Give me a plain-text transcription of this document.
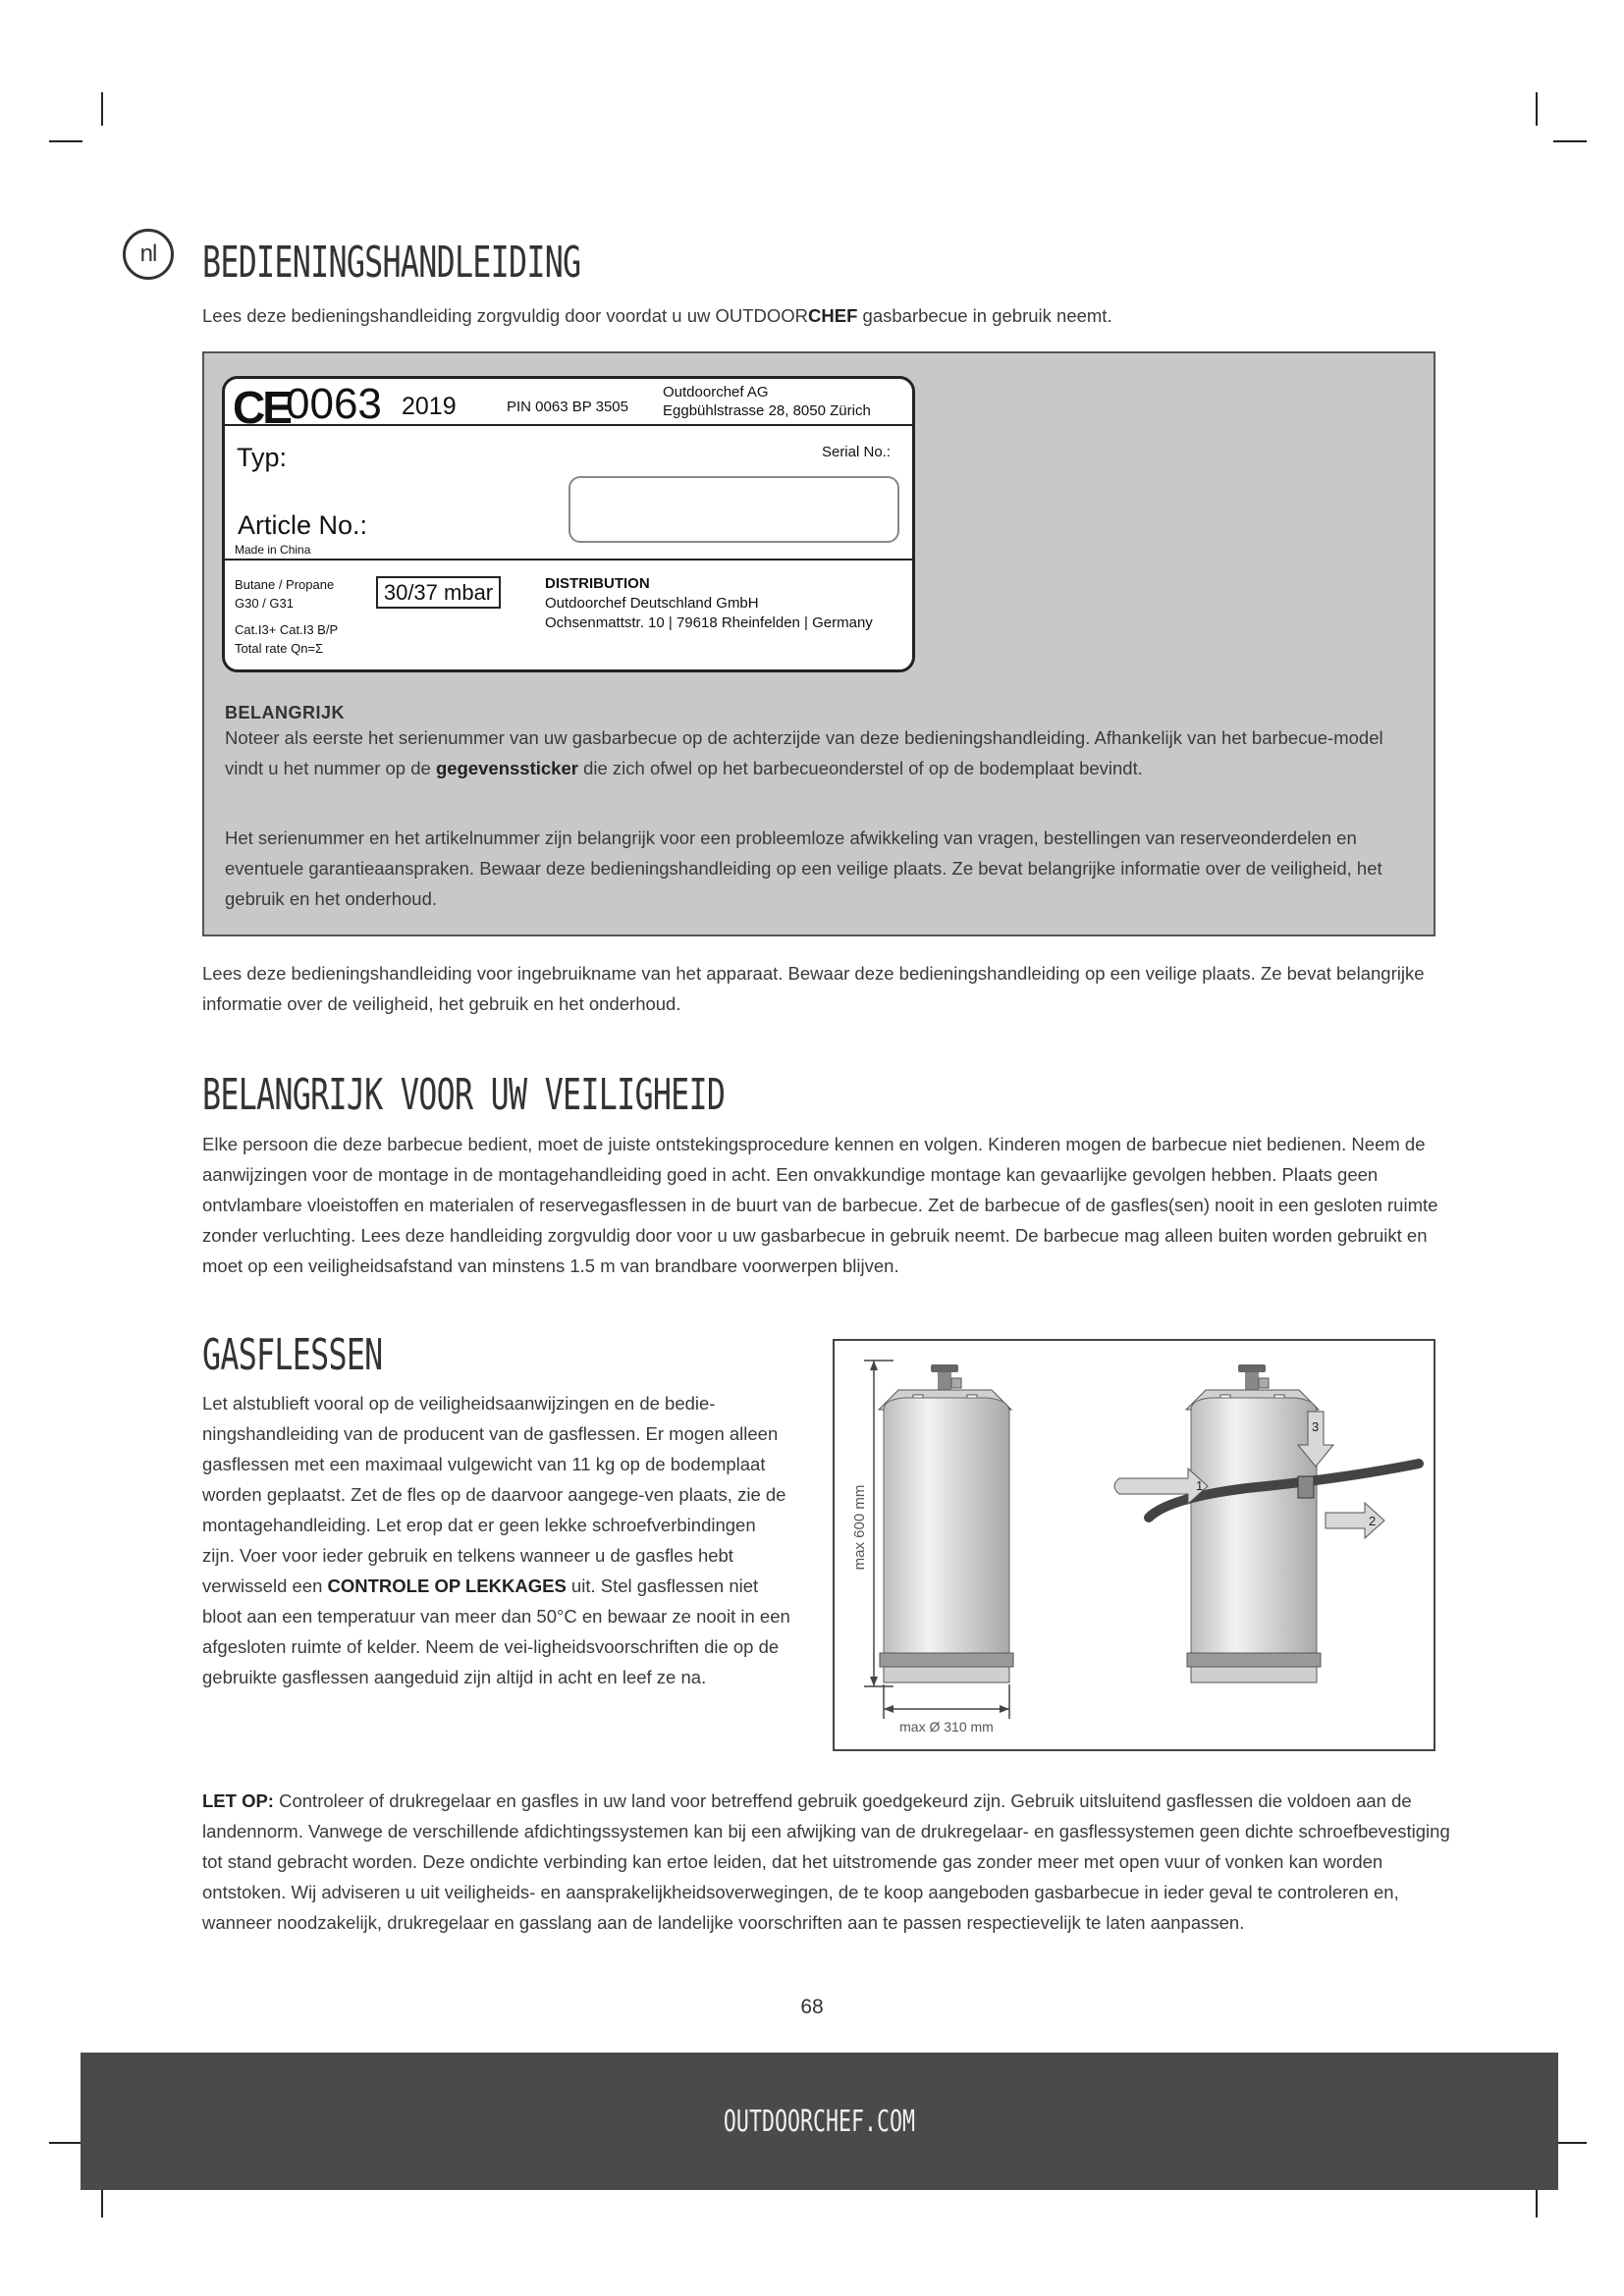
nl BEDIENINGSHANDLEIDING

Lees deze bedieningshandleiding zorgvuldig door voordat u uw OUTDOORCHEF gasbarbecue in gebruik neemt.

CE
0063 2019	PIN 0063 BP 3505
Outdoorchef AG
Eggbühlstrasse 28, 8050 Zürich
Typ:	Serial No.:
Article No.:
Made in China
Butane / Propane
G30 / G31
Cat.I3+ Cat.I3 B/P
Total rate Qn=Σ
30/37 mbar	DISTRIBUTION
Outdoorchef Deutschland GmbH
Ochsenmattstr. 10 | 79618 Rheinfelden | Germany
BELANGRIJK

Noteer als eerste het serienummer van uw gasbarbecue op de achterzijde van deze bedieningshandleiding. Afhankelijk van het barbecue-model vindt u het nummer op de gegevenssticker die zich ofwel op het barbecueonderstel of op de bodemplaat bevindt.

Het serienummer en het artikelnummer zijn belangrijk voor een probleemloze afwikkeling van vragen, bestellingen van reserveonderdelen en eventuele garantieaanspraken. Bewaar deze bedieningshandleiding op een veilige plaats. Ze bevat belangrijke informatie over de veiligheid, het gebruik en het onderhoud.

Lees deze bedieningshandleiding voor ingebruikname van het apparaat. Bewaar deze bedieningshandleiding op een veilige plaats. Ze bevat belangrijke informatie over de veiligheid, het gebruik en het onderhoud.

BELANGRIJK VOOR UW VEILIGHEID

Elke persoon die deze barbecue bedient, moet de juiste ontstekingsprocedure kennen en volgen. Kinderen mogen de barbecue niet bedienen. Neem de aanwijzingen voor de montage in de montagehandleiding goed in acht. Een onvakkundige montage kan gevaarlijke gevolgen hebben. Plaats geen ontvlambare vloeistoffen en materialen of reservegasflessen in de buurt van de barbecue. Zet de barbecue of de gasfles(sen) nooit in een gesloten ruimte zonder verluchting. Lees deze handleiding zorgvuldig door voor u uw gasbarbecue in gebruik neemt. De barbecue mag alleen buiten worden gebruikt en moet op een veiligheidsafstand van minstens 1.5 m van brandbare voorwerpen blijven.

GASFLESSEN

Let alstublieft vooral op de veiligheidsaanwijzingen en de bedie-ningshandleiding van de producent van de gasflessen. Er mogen alleen gasflessen met een maximaal vulgewicht van 11 kg op de bodemplaat worden geplaatst. Zet de fles op de daarvoor aangege-ven plaats, zie de montagehandleiding. Let erop dat er geen lekke schroefverbindingen zijn. Voer voor ieder gebruik en telkens wanneer u de gasfles hebt verwisseld een CONTROLE OP LEKKAGES uit. Stel gasflessen niet bloot aan een temperatuur van meer dan 50°C en bewaar ze nooit in een afgesloten ruimte of kelder. Neem de vei-ligheidsvoorschriften die op de gebruikte gasflessen aangeduid zijn altijd in acht en leef ze na.

max 600 mm	1
3
2
max Ø 310 mm

LET OP: Controleer of drukregelaar en gasfles in uw land voor betreffend gebruik goedgekeurd zijn. Gebruik uitsluitend gasflessen die voldoen aan de landennorm. Vanwege de verschillende afdichtingssystemen kan bij een afwijking van de drukregelaar- en gasflessystemen geen dichte schroefbevestiging tot stand gebracht worden. Deze ondichte verbinding kan ertoe leiden, dat het uitstromende gas zonder meer met open vuur of vonken kan worden ontstoken. Wij adviseren u uit veiligheids- en aansprakelijkheidsoverwegingen, de te koop aangeboden gasbarbecue in ieder geval te controleren en, wanneer noodzakelijk, drukregelaar en gasslang aan de landelijke voorschriften aan te passen respectievelijk te laten aanpassen.

68
OUTDOORCHEF.COM
